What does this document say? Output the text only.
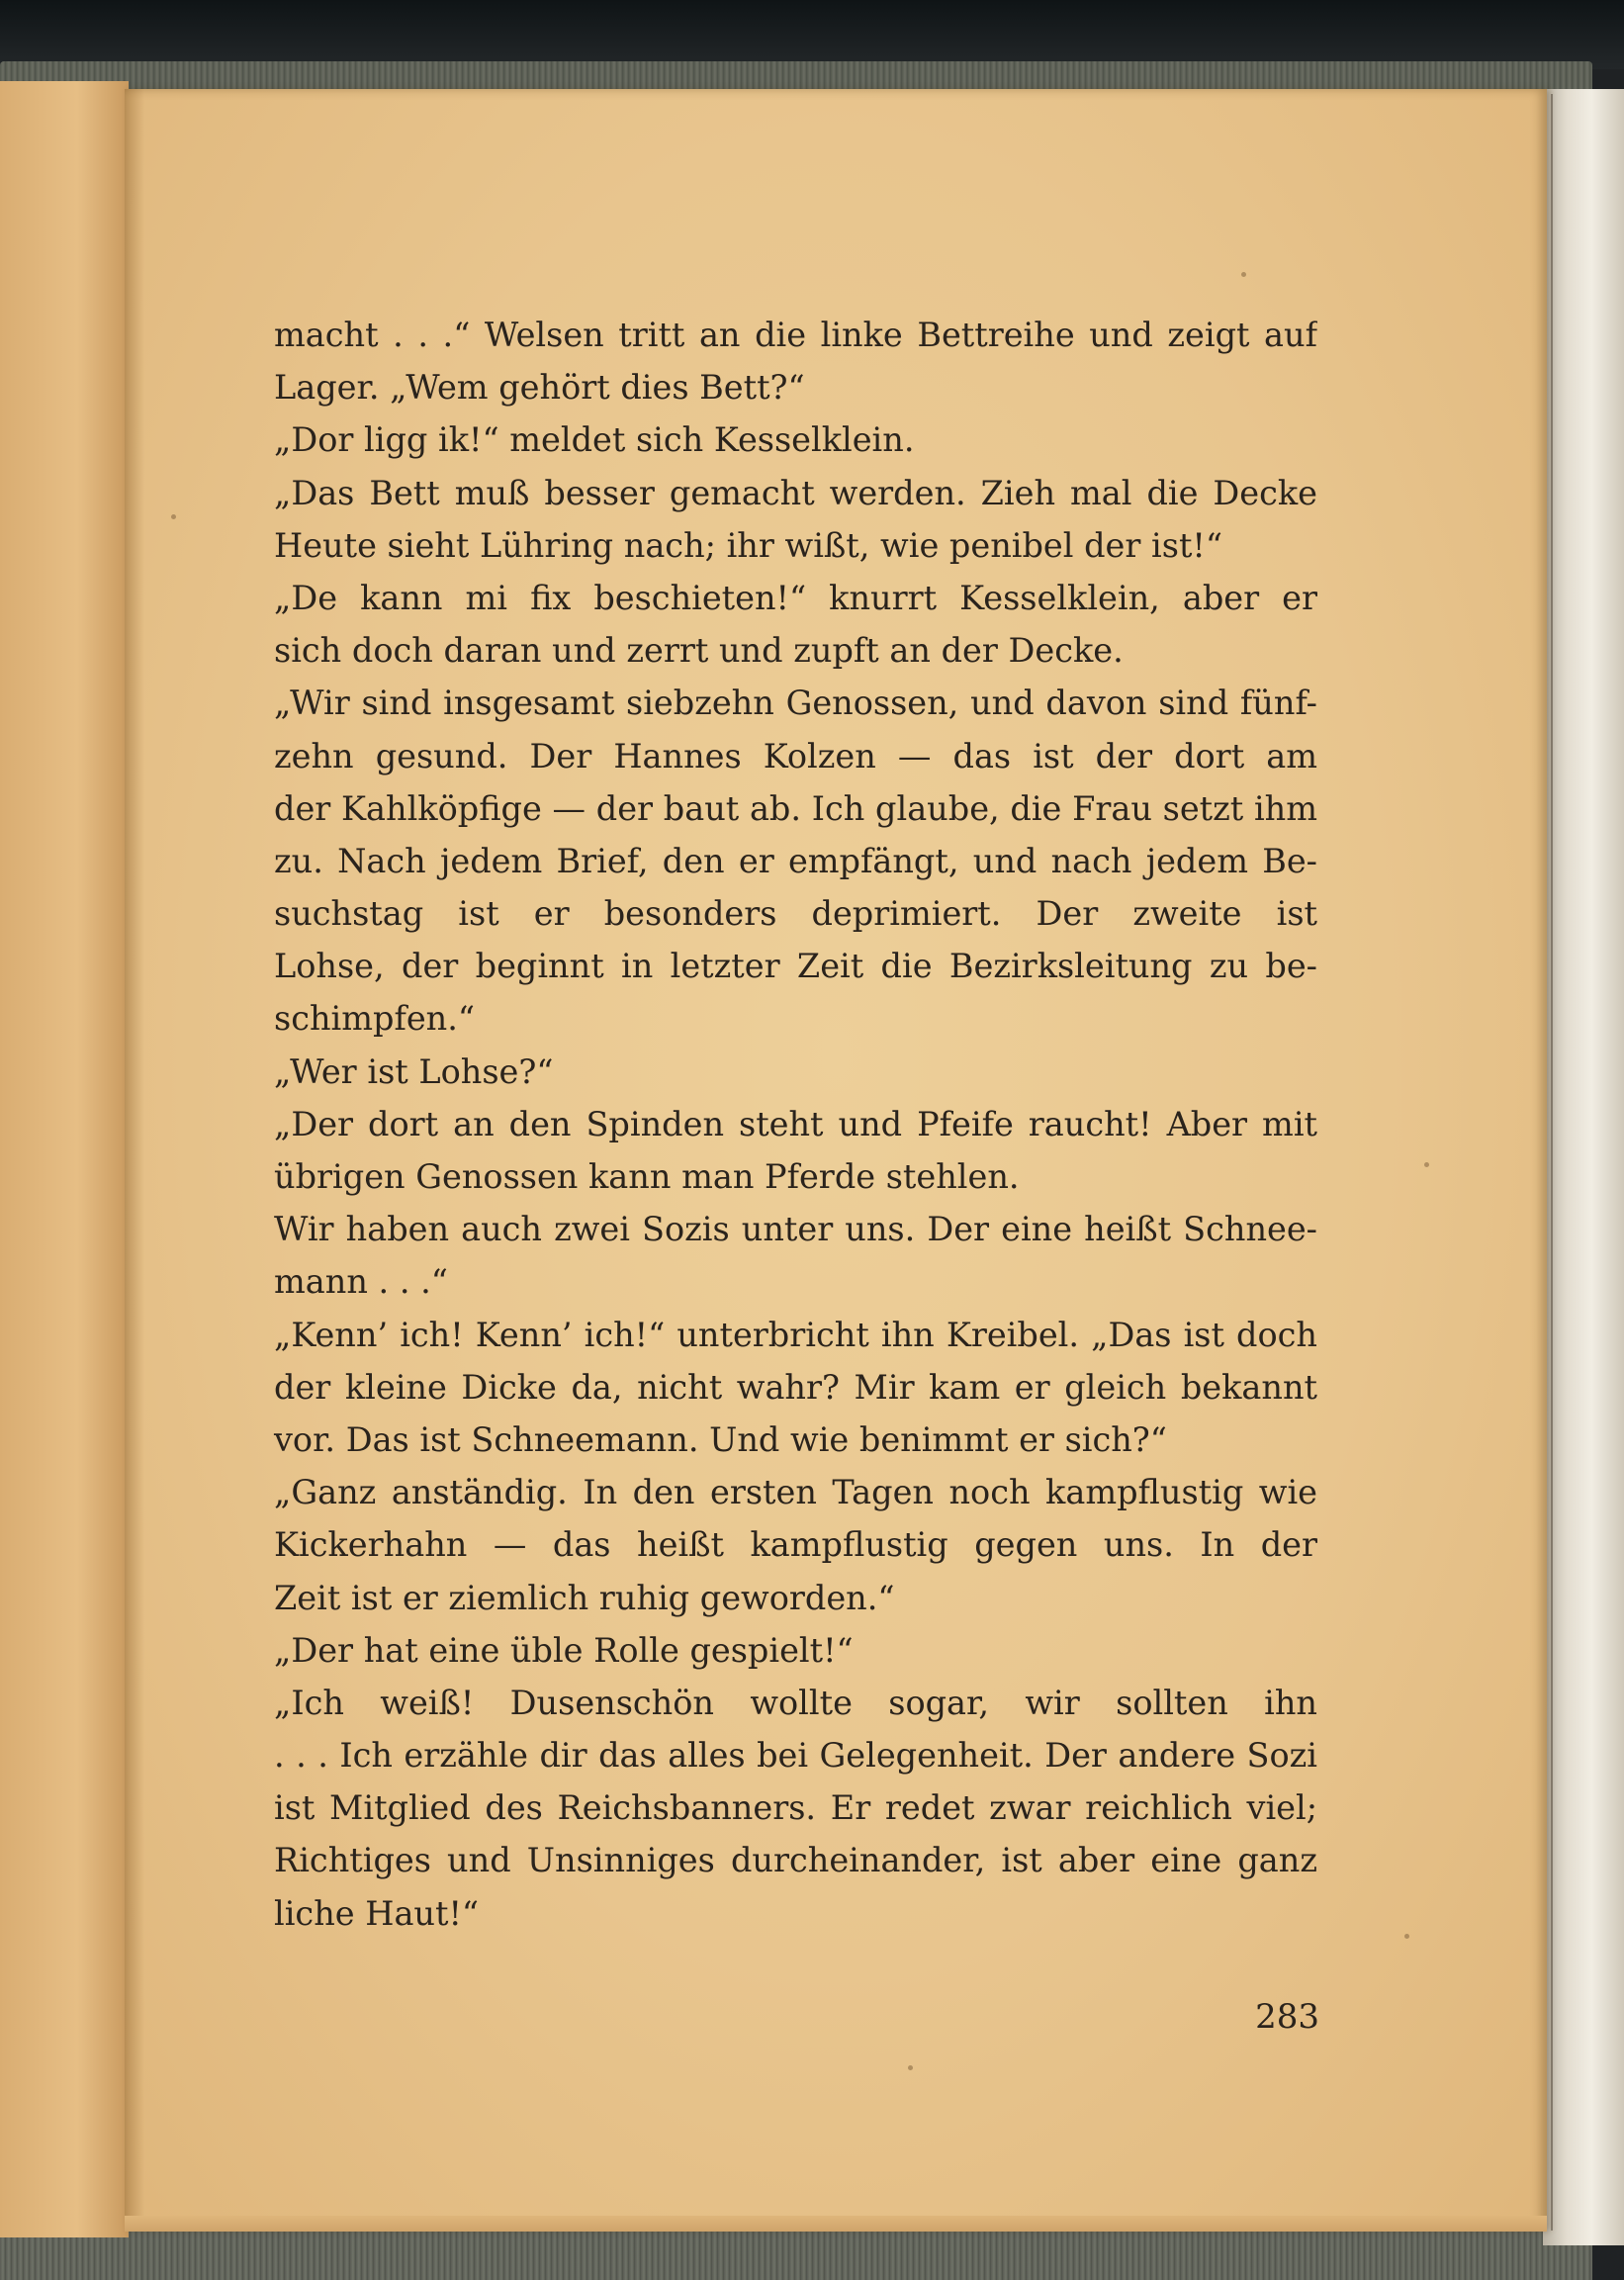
macht . . .“ Welsen tritt an die linke Bettreihe und zeigt auf
Lager. „Wem gehört dies Bett?“
„Dor ligg ik!“ meldet sich Kesselklein.
„Das Bett muß besser gemacht werden. Zieh mal die Decke
Heute sieht Lühring nach; ihr wißt, wie penibel der ist!“
„De kann mi fix beschieten!“ knurrt Kesselklein, aber er
sich doch daran und zerrt und zupft an der Decke.
„Wir sind insgesamt siebzehn Genossen, und davon sind fünf-
zehn gesund. Der Hannes Kolzen — das ist der dort am
der Kahlköpfige — der baut ab. Ich glaube, die Frau setzt ihm
zu. Nach jedem Brief, den er empfängt, und nach jedem Be-
suchstag ist er besonders deprimiert. Der zweite ist
Lohse, der beginnt in letzter Zeit die Bezirksleitung zu be-
schimpfen.“
„Wer ist Lohse?“
„Der dort an den Spinden steht und Pfeife raucht! Aber mit
übrigen Genossen kann man Pferde stehlen.
Wir haben auch zwei Sozis unter uns. Der eine heißt Schnee-
mann . . .“
„Kenn’ ich! Kenn’ ich!“ unterbricht ihn Kreibel. „Das ist doch
der kleine Dicke da, nicht wahr? Mir kam er gleich bekannt
vor. Das ist Schneemann. Und wie benimmt er sich?“
„Ganz anständig. In den ersten Tagen noch kampflustig wie
Kickerhahn — das heißt kampflustig gegen uns. In der
Zeit ist er ziemlich ruhig geworden.“
„Der hat eine üble Rolle gespielt!“
„Ich weiß! Dusenschön wollte sogar, wir sollten ihn
. . . Ich erzähle dir das alles bei Gelegenheit. Der andere Sozi
ist Mitglied des Reichsbanners. Er redet zwar reichlich viel;
Richtiges und Unsinniges durcheinander, ist aber eine ganz
liche Haut!“
283
